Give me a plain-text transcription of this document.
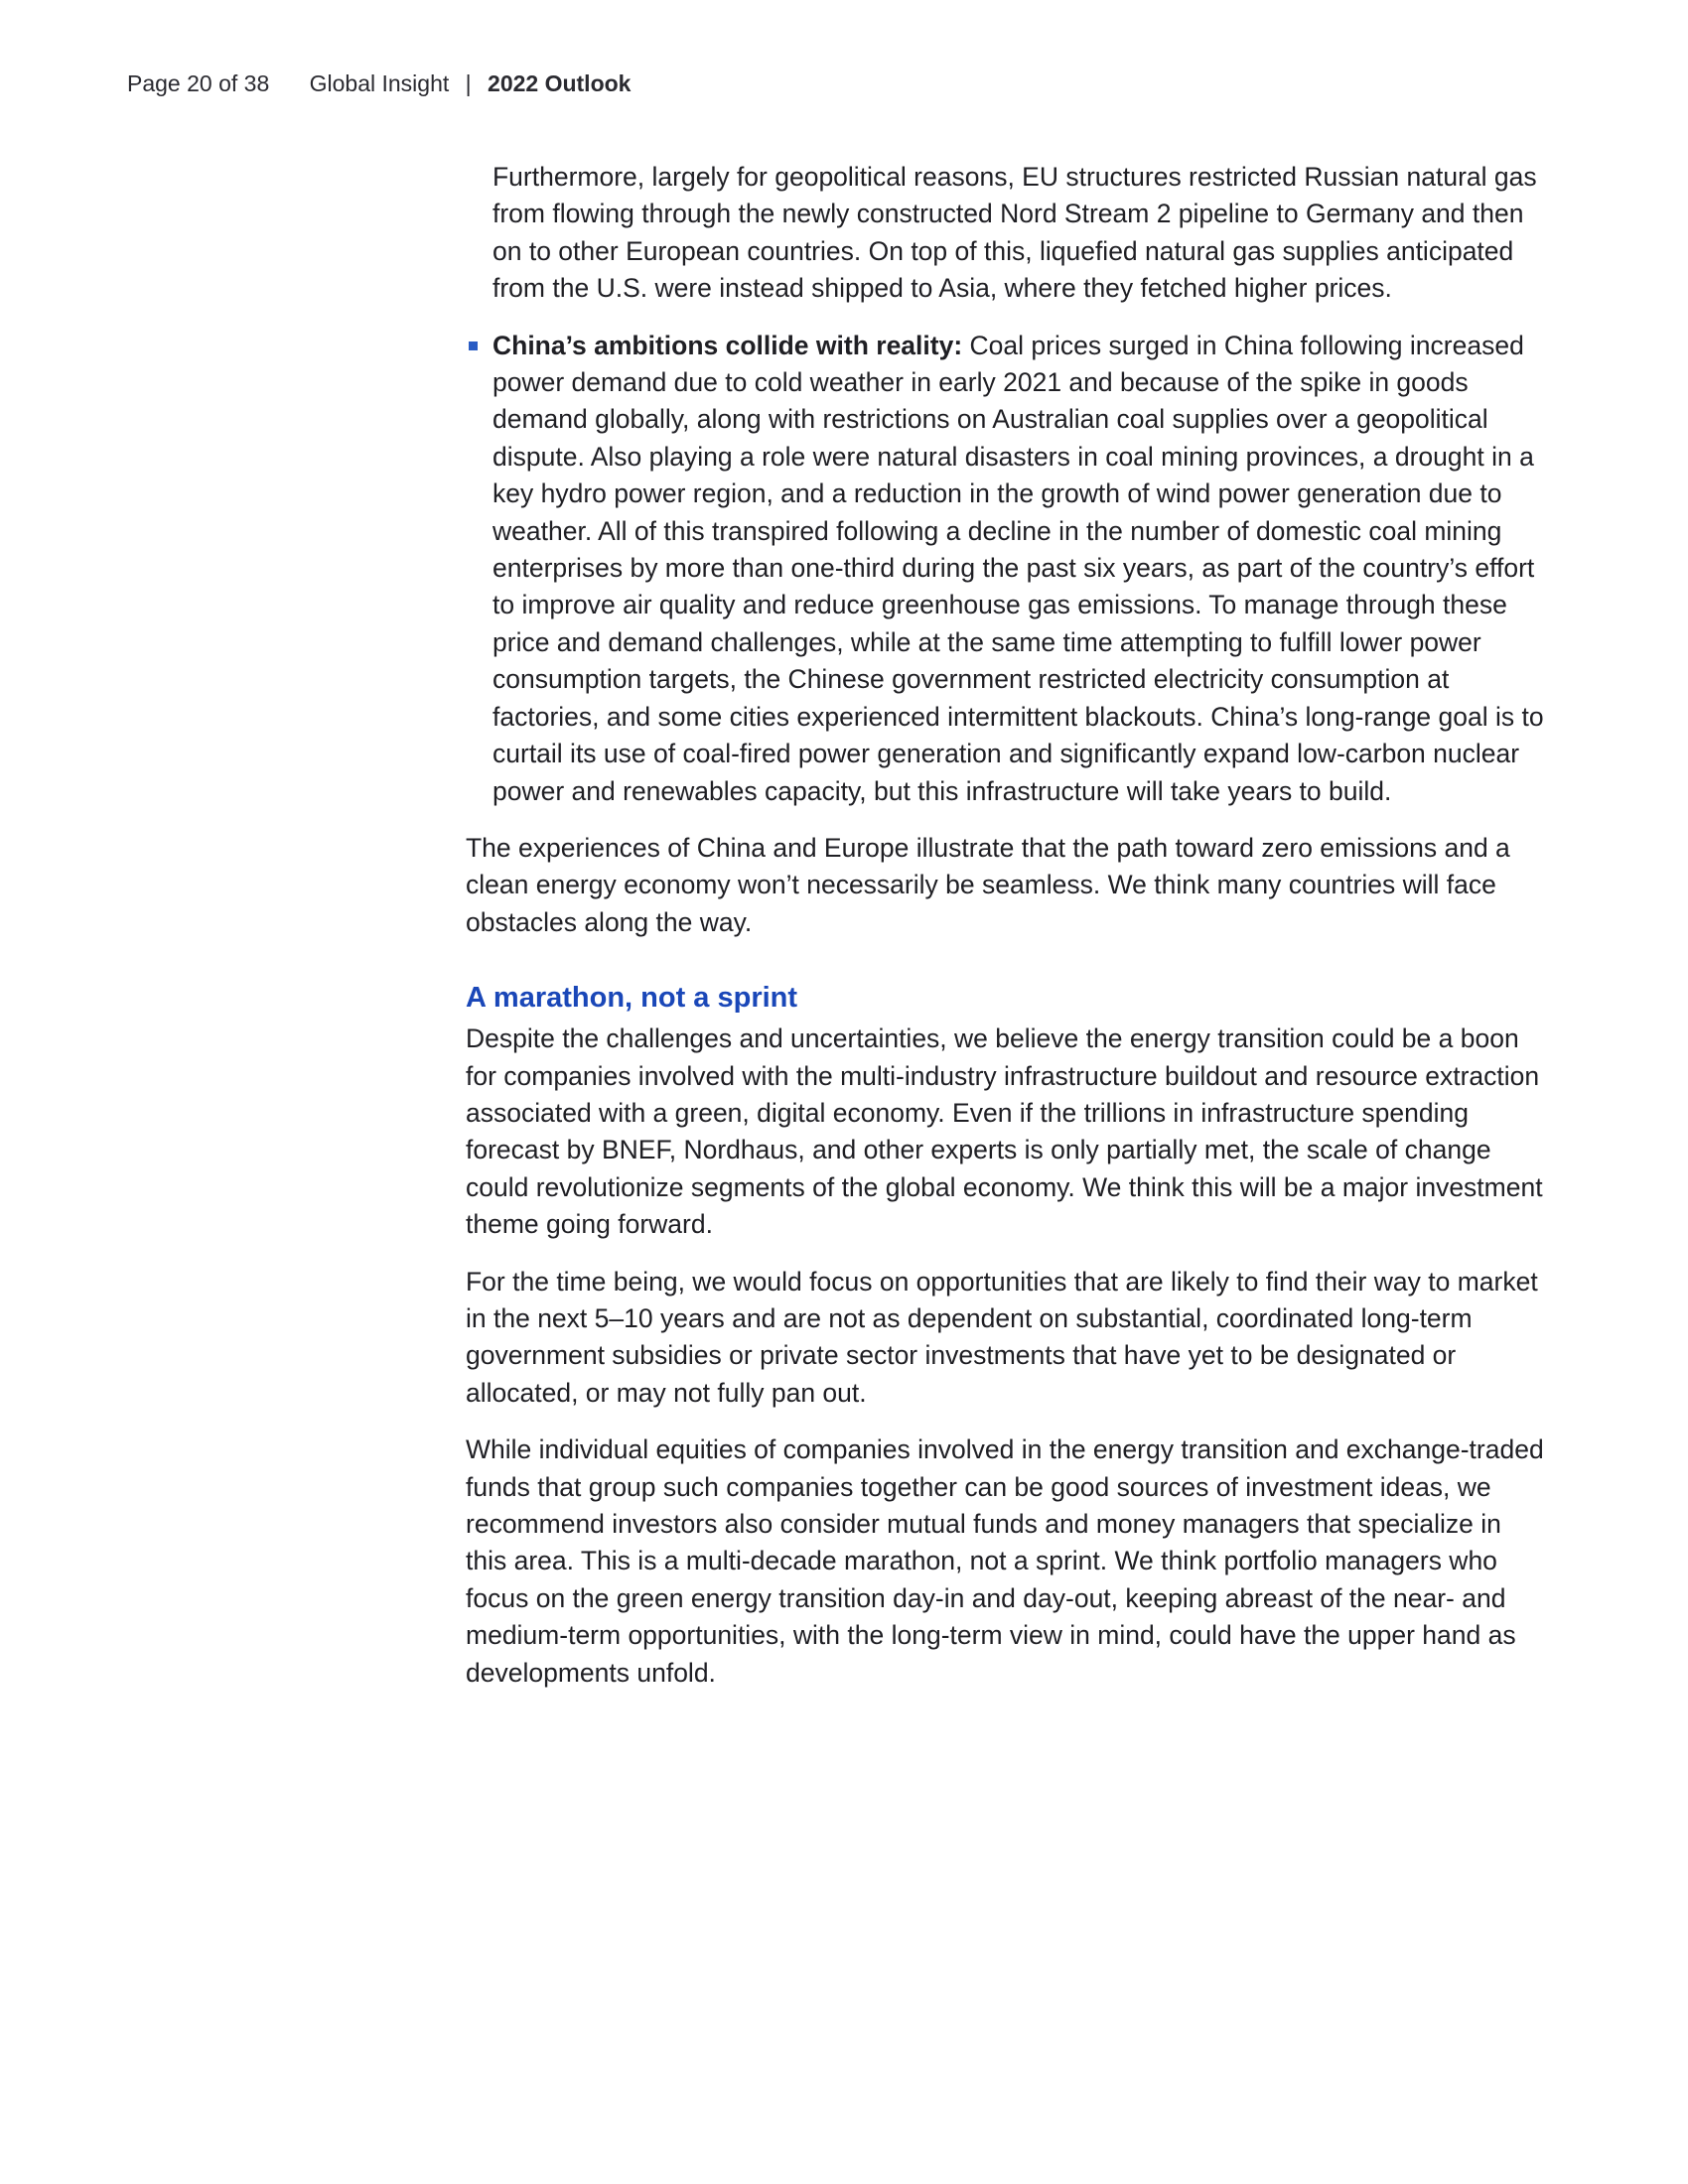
Page 20 of 38 Global Insight | 2022 Outlook

Furthermore, largely for geopolitical reasons, EU structures restricted Russian natural gas from flowing through the newly constructed Nord Stream 2 pipeline to Germany and then on to other European countries. On top of this, liquefied natural gas supplies anticipated from the U.S. were instead shipped to Asia, where they fetched higher prices.

China’s ambitions collide with reality: Coal prices surged in China following increased power demand due to cold weather in early 2021 and because of the spike in goods demand globally, along with restrictions on Australian coal supplies over a geopolitical dispute. Also playing a role were natural disasters in coal mining provinces, a drought in a key hydro power region, and a reduction in the growth of wind power generation due to weather. All of this transpired following a decline in the number of domestic coal mining enterprises by more than one-third during the past six years, as part of the country’s effort to improve air quality and reduce greenhouse gas emissions. To manage through these price and demand challenges, while at the same time attempting to fulfill lower power consumption targets, the Chinese government restricted electricity consumption at factories, and some cities experienced intermittent blackouts. China’s long-range goal is to curtail its use of coal-fired power generation and significantly expand low-carbon nuclear power and renewables capacity, but this infrastructure will take years to build.

The experiences of China and Europe illustrate that the path toward zero emissions and a clean energy economy won’t necessarily be seamless. We think many countries will face obstacles along the way.

A marathon, not a sprint

Despite the challenges and uncertainties, we believe the energy transition could be a boon for companies involved with the multi-industry infrastructure buildout and resource extraction associated with a green, digital economy. Even if the trillions in infrastructure spending forecast by BNEF, Nordhaus, and other experts is only partially met, the scale of change could revolutionize segments of the global economy. We think this will be a major investment theme going forward.

For the time being, we would focus on opportunities that are likely to find their way to market in the next 5–10 years and are not as dependent on substantial, coordinated long-term government subsidies or private sector investments that have yet to be designated or allocated, or may not fully pan out.

While individual equities of companies involved in the energy transition and exchange-traded funds that group such companies together can be good sources of investment ideas, we recommend investors also consider mutual funds and money managers that specialize in this area. This is a multi-decade marathon, not a sprint. We think portfolio managers who focus on the green energy transition day-in and day-out, keeping abreast of the near- and medium-term opportunities, with the long-term view in mind, could have the upper hand as developments unfold.
